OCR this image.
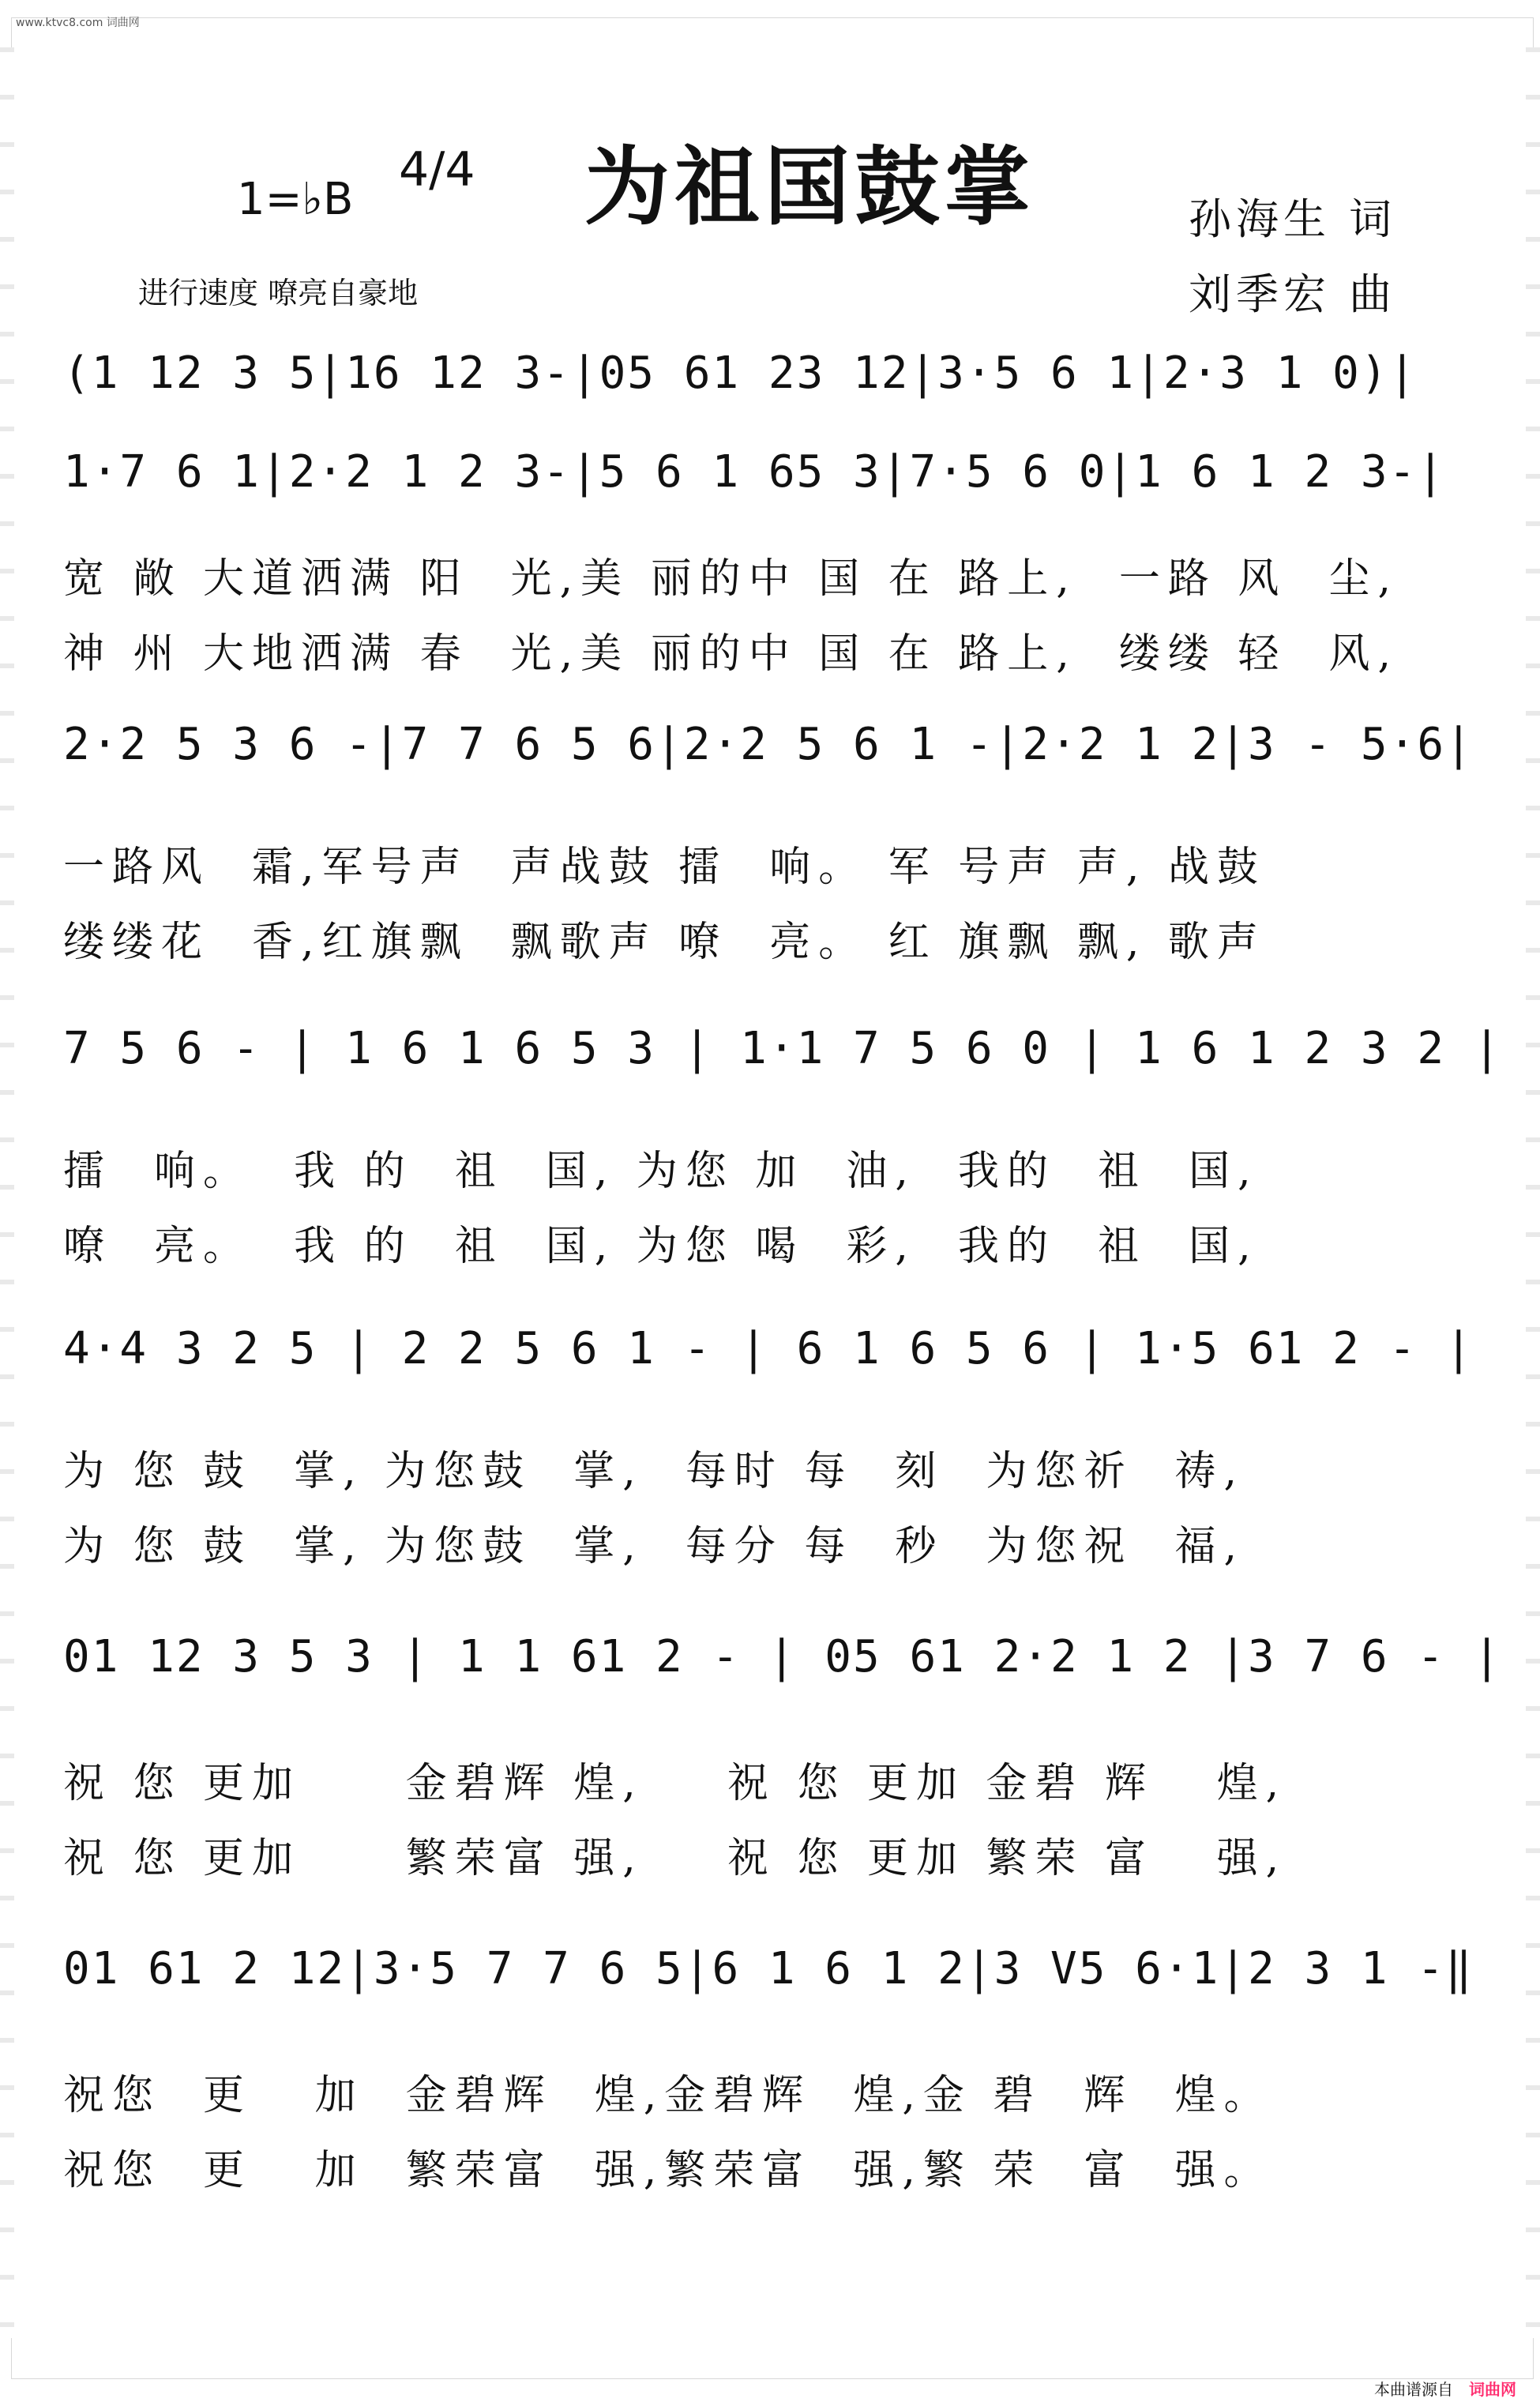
www.ktvc8.com 词曲网
为祖国鼓掌
1=♭B
4/4
进行速度 嘹亮自豪地
孙海生 词
刘季宏 曲
(1 12 3 5|16 12 3-|05 61 23 12|3·5 6 1|2·3 1 0)|
1·7 6 1|2·2 1 2 3-|5 6 1 65 3|7·5 6 0|1 6 1 2 3-|
宽 敞 大道洒满 阳  光,美 丽的中 国 在 路上,  一路 风  尘,
神 州 大地洒满 春  光,美 丽的中 国 在 路上,  缕缕 轻  风,
2·2 5 3 6 -|7 7 6 5 6|2·2 5 6 1 -|2·2 1 2|3 - 5·6|
一路风  霜,军号声  声战鼓 擂  响。 军 号声 声, 战鼓
缕缕花  香,红旗飘  飘歌声 嘹  亮。 红 旗飘 飘, 歌声
7 5 6 - | 1 6 1 6 5 3 | 1·1 7 5 6 0 | 1 6 1 2 3 2 |
擂  响。  我 的  祖  国, 为您 加  油,  我的  祖  国,
嘹  亮。  我 的  祖  国, 为您 喝  彩,  我的  祖  国,
4·4 3 2 5 | 2 2 5 6 1 - | 6 1 6 5 6 | 1·5 61 2 - |
为 您 鼓  掌, 为您鼓  掌,  每时 每  刻  为您祈  祷,
为 您 鼓  掌, 为您鼓  掌,  每分 每  秒  为您祝  福,
01 12 3 5 3 | 1 1 61 2 - | 05 61 2·2 1 2 |3 7 6 - |
祝 您 更加     金碧辉 煌,    祝 您 更加 金碧 辉   煌,
祝 您 更加     繁荣富 强,    祝 您 更加 繁荣 富   强,
01 61 2 12|3·5 7 7 6 5|6 1 6 1 2|3 V5 6·1|2 3 1 -‖
祝您  更   加  金碧辉  煌,金碧辉  煌,金 碧  辉  煌。
祝您  更   加  繁荣富  强,繁荣富  强,繁 荣  富  强。
本曲谱源自 词曲网
